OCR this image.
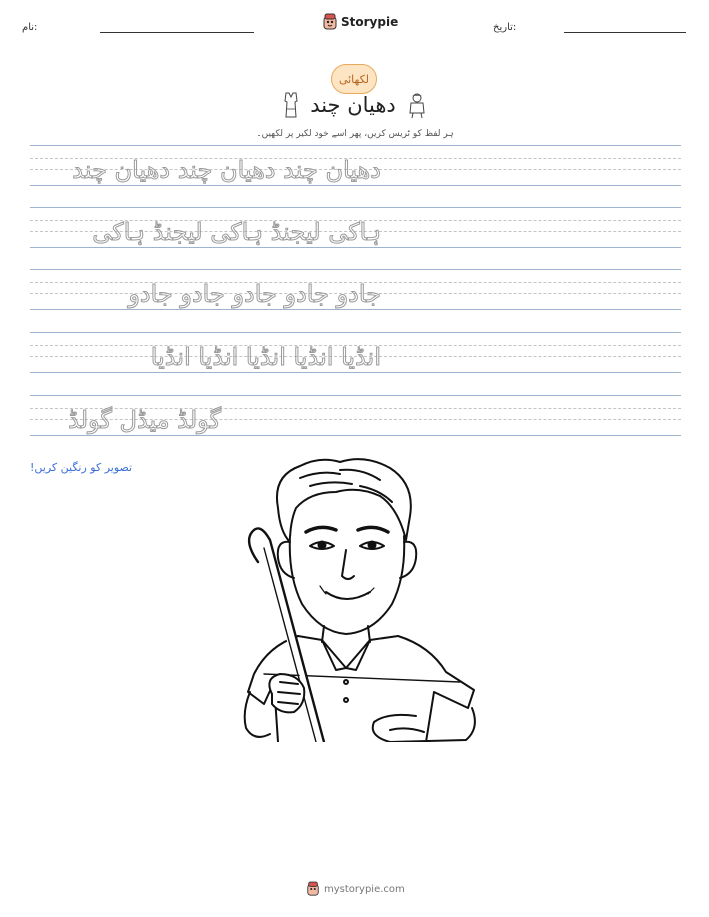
نام:	Storypie	تاریخ:
لکھائی
دھیان چند
ہر لفظ کو ٹریس کریں، پھر اسے خود لکیر پر لکھیں۔
دھیان چند دھیان چند دھیان چند
ہاکی لیجنڈ ہاکی لیجنڈ ہاکی
جادو جادو جادو جادو جادو
انڈیا انڈیا انڈیا انڈیا انڈیا
گولڈ میڈل گولڈ
تصویر کو رنگین کریں!
mystorypie.com
